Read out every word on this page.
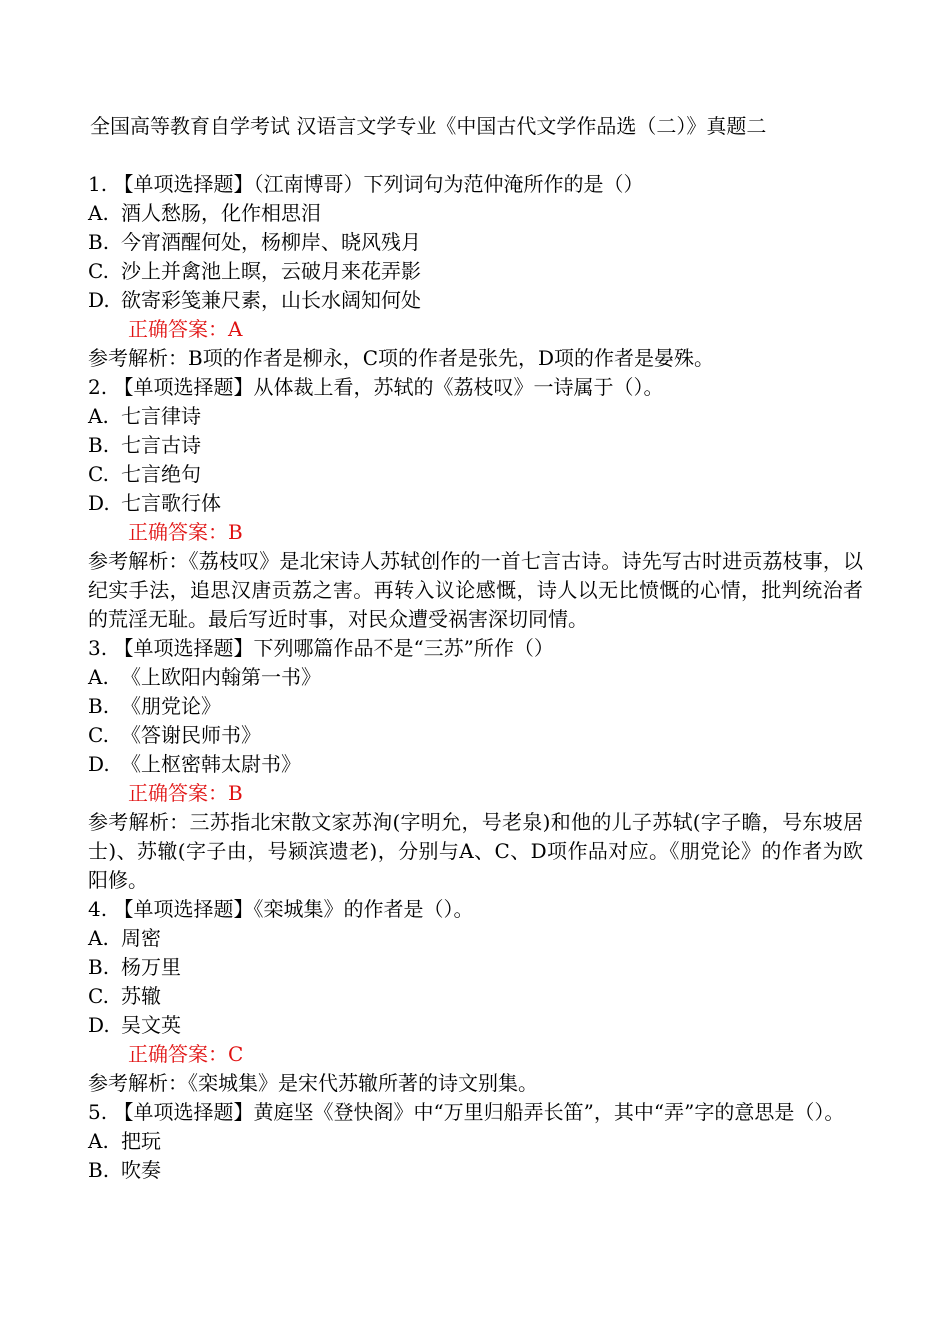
全国高等教育自学考试 汉语言文学专业《中国古代文学作品选（二）》真题二
1. 【单项选择题】（江南博哥）下列词句为范仲淹所作的是（）
A. 酒人愁肠，化作相思泪
B. 今宵酒醒何处，杨柳岸、晓风残月
C. 沙上并禽池上暝，云破月来花弄影
D. 欲寄彩笺兼尺素，山长水阔知何处
正确答案：A
参考解析：B项的作者是柳永，C项的作者是张先，D项的作者是晏殊。
2. 【单项选择题】从体裁上看，苏轼的《荔枝叹》一诗属于（）。
A. 七言律诗
B. 七言古诗
C. 七言绝句
D. 七言歌行体
正确答案：B
参考解析：《荔枝叹》是北宋诗人苏轼创作的一首七言古诗。诗先写古时进贡荔枝事，以纪实手法，追思汉唐贡荔之害。再转入议论感慨，诗人以无比愤慨的心情，批判统治者的荒淫无耻。最后写近时事，对民众遭受祸害深切同情。
3. 【单项选择题】下列哪篇作品不是“三苏”所作（）
A. 《上欧阳内翰第一书》
B. 《朋党论》
C. 《答谢民师书》
D. 《上枢密韩太尉书》
正确答案：B
参考解析：三苏指北宋散文家苏洵(字明允，号老泉)和他的儿子苏轼(字子瞻，号东坡居士)、苏辙(字子由，号颍滨遗老)，分别与A、C、D项作品对应。《朋党论》的作者为欧阳修。
4. 【单项选择题】《栾城集》的作者是（）。
A. 周密
B. 杨万里
C. 苏辙
D. 吴文英
正确答案：C
参考解析：《栾城集》是宋代苏辙所著的诗文别集。
5. 【单项选择题】黄庭坚《登快阁》中“万里归船弄长笛”，其中“弄”字的意思是（）。
A. 把玩
B. 吹奏
